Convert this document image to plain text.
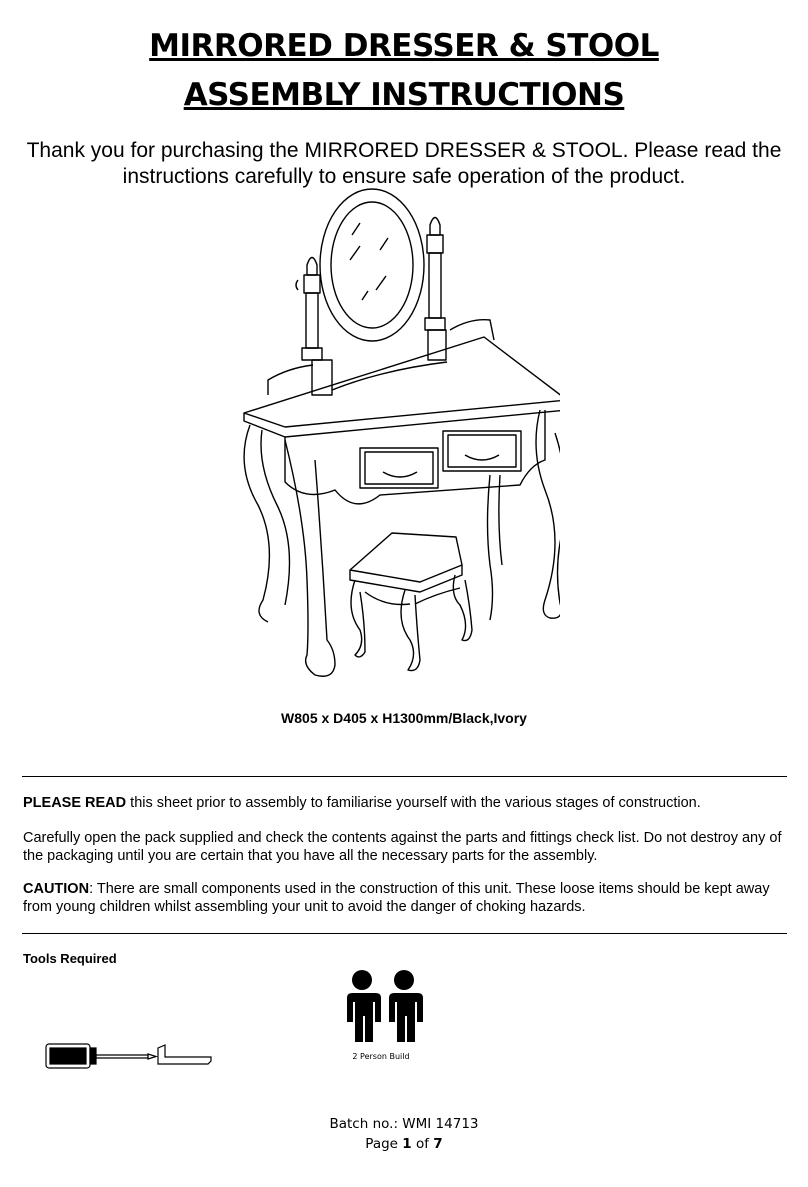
MIRRORED DRESSER & STOOL
ASSEMBLY INSTRUCTIONS
Thank you for purchasing the MIRRORED DRESSER & STOOL. Please read the instructions carefully to ensure safe operation of the product.
W805 x D405 x H1300mm/Black,Ivory
PLEASE READ this sheet prior to assembly to familiarise yourself with the various stages of construction.
Carefully open the pack supplied and check the contents against the parts and fittings check list. Do not destroy any of the packaging until you are certain that you have all the necessary parts for the assembly.
CAUTION: There are small components used in the construction of this unit. These loose items should be kept away from young children whilst assembling your unit to avoid the danger of choking hazards.
Tools Required
2 Person Build
Batch no.: WMI 14713
Page 1 of 7
